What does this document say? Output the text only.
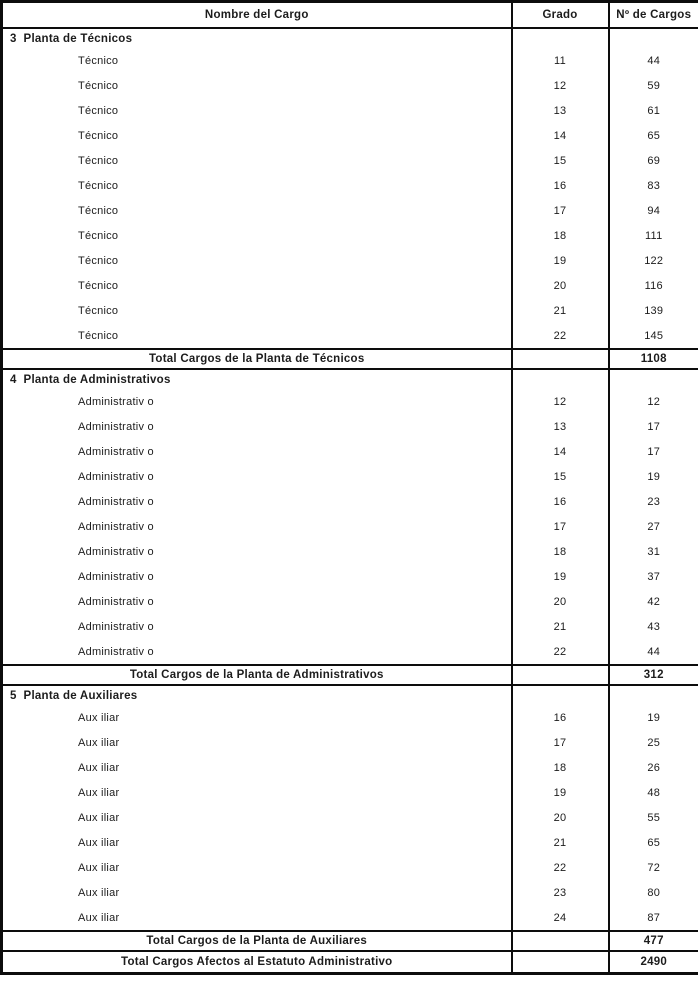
Nombre del Cargo	Grado	Nº de Cargos
3  Planta de Técnicos		
Técnico	11	44
Técnico	12	59
Técnico	13	61
Técnico	14	65
Técnico	15	69
Técnico	16	83
Técnico	17	94
Técnico	18	111
Técnico	19	122
Técnico	20	116
Técnico	21	139
Técnico	22	145
Total Cargos de la Planta de Técnicos		1108
4  Planta de Administrativos		
Administrativ o	12	12
Administrativ o	13	17
Administrativ o	14	17
Administrativ o	15	19
Administrativ o	16	23
Administrativ o	17	27
Administrativ o	18	31
Administrativ o	19	37
Administrativ o	20	42
Administrativ o	21	43
Administrativ o	22	44
Total Cargos de la Planta de Administrativos		312
5  Planta de Auxiliares		
Aux iliar	16	19
Aux iliar	17	25
Aux iliar	18	26
Aux iliar	19	48
Aux iliar	20	55
Aux iliar	21	65
Aux iliar	22	72
Aux iliar	23	80
Aux iliar	24	87
Total Cargos de la Planta de Auxiliares		477
Total Cargos Afectos al Estatuto Administrativo		2490
